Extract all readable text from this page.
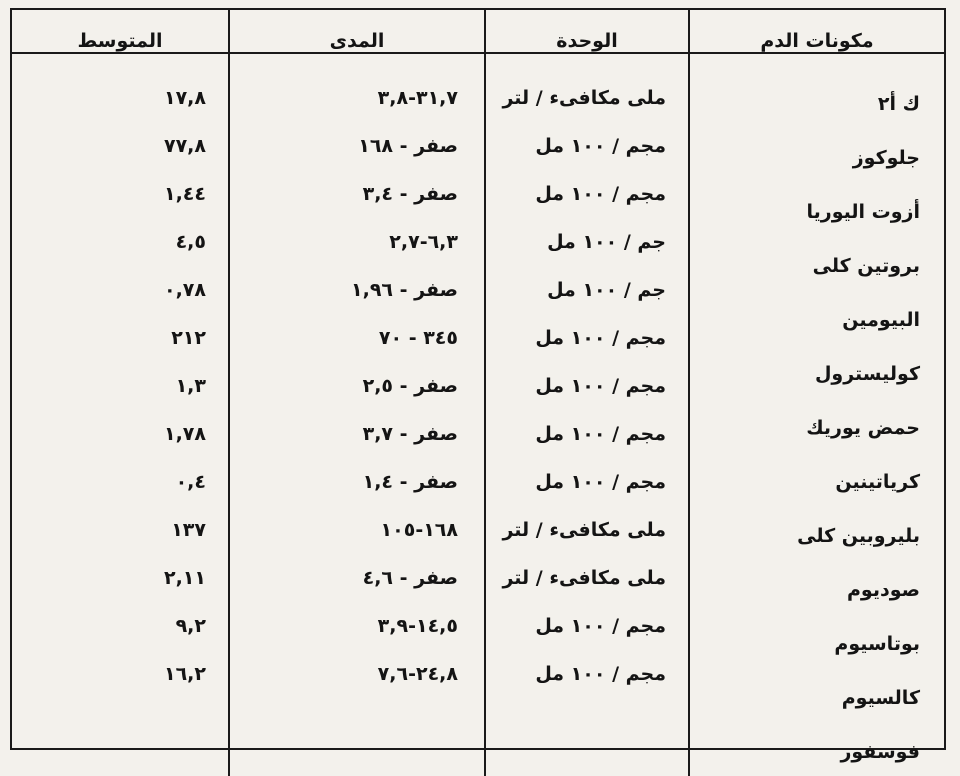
مكونات الدم
الوحدة
المدى
المتوسط
ك أ٢
جلوكوز
أزوت اليوريا
بروتين كلى
البيومين
كوليسترول
حمض يوريك
كرياتينين
بليروبين كلى
صوديوم
بوتاسيوم
كالسيوم
فوسفور
ملى مكافىء / لتر
مجم / ١٠٠ مل
مجم / ١٠٠ مل
جم / ١٠٠ مل
جم / ١٠٠ مل
مجم / ١٠٠ مل
مجم / ١٠٠ مل
مجم / ١٠٠ مل
مجم / ١٠٠ مل
ملى مكافىء / لتر
ملى مكافىء / لتر
مجم / ١٠٠ مل
مجم / ١٠٠ مل
٣١,٧-٣,٨
صفر - ١٦٨
صفر - ٣,٤
٦,٣-٢,٧
صفر - ١,٩٦
٣٤٥ - ٧٠
صفر - ٢,٥
صفر - ٣,٧
صفر - ١,٤
١٦٨-١٠٥
صفر - ٤,٦
١٤,٥-٣,٩
٢٤,٨-٧,٦
١٧,٨
٧٧,٨
١,٤٤
٤,٥
٠,٧٨
٢١٢
١,٣
١,٧٨
٠,٤
١٣٧
٢,١١
٩,٢
١٦,٢
